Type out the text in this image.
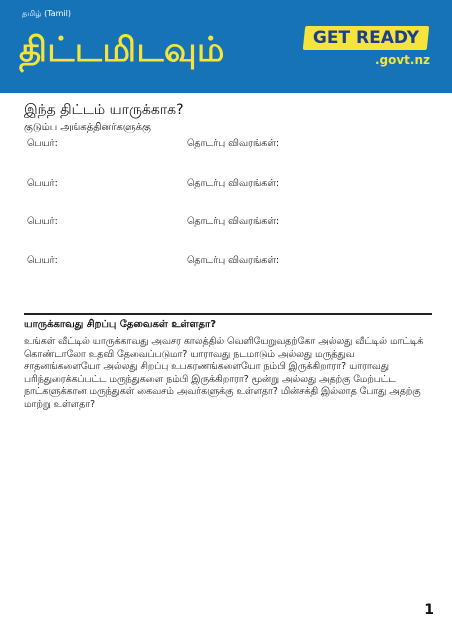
தமிழ் (Tamil)
திட்டமிடவும்	GET READY
.govt.nz
இந்த திட்டம் யாருக்காக?
குடும்ப அங்கத்தினர்களுக்கு
பெயர்:	தொடர்பு விவரங்கள்:
பெயர்:	தொடர்பு விவரங்கள்:
பெயர்:	தொடர்பு விவரங்கள்:
பெயர்:	தொடர்பு விவரங்கள்:
யாருக்காவது சிறப்பு தேவைகள் உள்ளதா?
உங்கள் வீட்டில் யாருக்காவது அவசர காலத்தில் வெளியேறுவதற்கோ அல்லது வீட்டில் மாட்டிக் கொண்டாலோ உதவி தேவைப்படுமா? யாராவது நடமாடும் அல்லது மருத்துவ சாதனங்களையோ அல்லது சிறப்பு உபகரணங்களையோ நம்பி இருக்கிறாரா? யாராவது பரிந்துரைக்கப்பட்ட மருந்துகளை நம்பி இருக்கிறாரா? மூன்று அல்லது அதற்கு மேற்பட்ட நாட்களுக்கான மருந்துகள் கைவசம் அவர்களுக்கு உள்ளதா? மின்சக்தி இல்லாத போது அதற்கு மாற்று உள்ளதா?
1
